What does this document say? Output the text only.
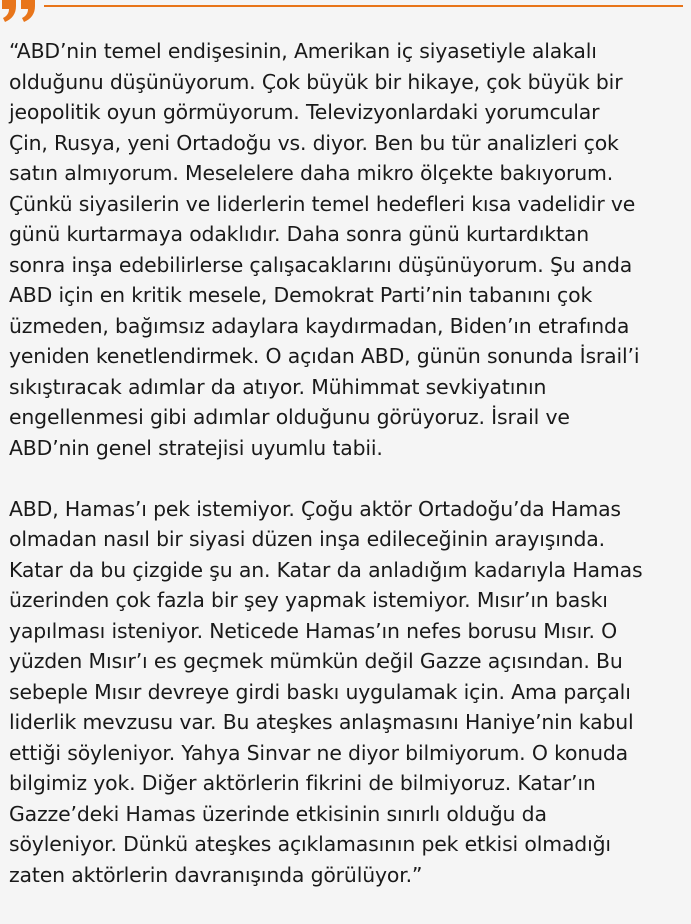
“ABD’nin temel endişesinin, Amerikan iç siyasetiyle alakalı
olduğunu düşünüyorum. Çok büyük bir hikaye, çok büyük bir
jeopolitik oyun görmüyorum. Televizyonlardaki yorumcular
Çin, Rusya, yeni Ortadoğu vs. diyor. Ben bu tür analizleri çok
satın almıyorum. Meselelere daha mikro ölçekte bakıyorum.
Çünkü siyasilerin ve liderlerin temel hedefleri kısa vadelidir ve
günü kurtarmaya odaklıdır. Daha sonra günü kurtardıktan
sonra inşa edebilirlerse çalışacaklarını düşünüyorum. Şu anda
ABD için en kritik mesele, Demokrat Parti’nin tabanını çok
üzmeden, bağımsız adaylara kaydırmadan, Biden’ın etrafında
yeniden kenetlendirmek. O açıdan ABD, günün sonunda İsrail’i
sıkıştıracak adımlar da atıyor. Mühimmat sevkiyatının
engellenmesi gibi adımlar olduğunu görüyoruz. İsrail ve
ABD’nin genel stratejisi uyumlu tabii.

ABD, Hamas’ı pek istemiyor. Çoğu aktör Ortadoğu’da Hamas
olmadan nasıl bir siyasi düzen inşa edileceğinin arayışında.
Katar da bu çizgide şu an. Katar da anladığım kadarıyla Hamas
üzerinden çok fazla bir şey yapmak istemiyor. Mısır’ın baskı
yapılması isteniyor. Neticede Hamas’ın nefes borusu Mısır. O
yüzden Mısır’ı es geçmek mümkün değil Gazze açısından. Bu
sebeple Mısır devreye girdi baskı uygulamak için. Ama parçalı
liderlik mevzusu var. Bu ateşkes anlaşmasını Haniye’nin kabul
ettiği söyleniyor. Yahya Sinvar ne diyor bilmiyorum. O konuda
bilgimiz yok. Diğer aktörlerin fikrini de bilmiyoruz. Katar’ın
Gazze’deki Hamas üzerinde etkisinin sınırlı olduğu da
söyleniyor. Dünkü ateşkes açıklamasının pek etkisi olmadığı
zaten aktörlerin davranışında görülüyor.”
